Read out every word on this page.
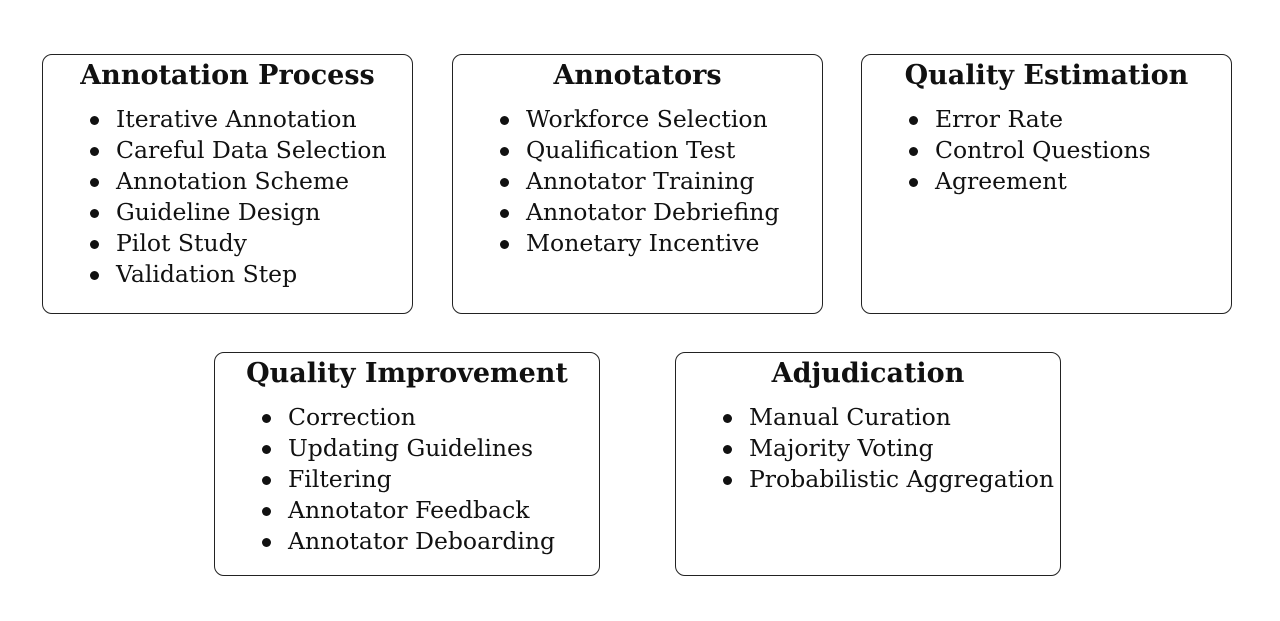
Annotation Process
Iterative Annotation
Careful Data Selection
Annotation Scheme
Guideline Design
Pilot Study
Validation Step
Annotators
Workforce Selection
Qualification Test
Annotator Training
Annotator Debriefing
Monetary Incentive
Quality Estimation
Error Rate
Control Questions
Agreement
Quality Improvement
Correction
Updating Guidelines
Filtering
Annotator Feedback
Annotator Deboarding
Adjudication
Manual Curation
Majority Voting
Probabilistic Aggregation
